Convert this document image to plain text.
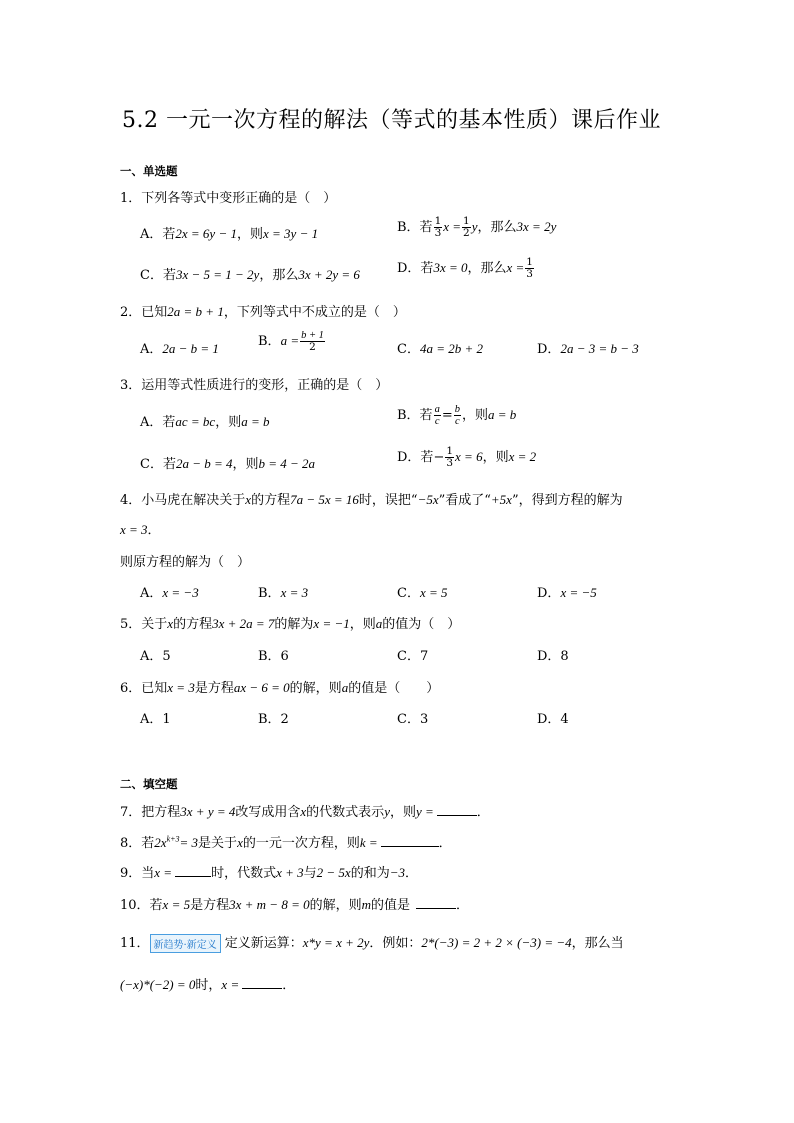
5.2 一元一次方程的解法（等式的基本性质）课后作业
一、单选题
1．下列各等式中变形正确的是（　）
A．若2x = 6y − 1，则x = 3y − 1	B．若 $\frac{1}{3}$ $x = \frac{1}{2}$ y，那么3x = 2y
C．若3x − 5 = 1 − 2y，那么3x + 2y = 6	D．若3x = 0，那么$x = \frac{1}{3}$
2．已知2a = b + 1，下列等式中不成立的是（　）
A．2a − b = 1	B．$a = \frac{b + 1}{2}$	C．4a = 2b + 2	D．2a − 3 = b − 3
3．运用等式性质进行的变形，正确的是（　）
A．若ac = bc，则a = b	B．若 $\frac{a}{c} = \frac{b}{c}$ ，则a = b
C．若2a − b = 4，则b = 4 − 2a	D．若− $\frac{1}{3}$ x = 6，则x = 2
4．小马虎在解决关于x的方程7a − 5x = 16时，误把“−5x”看成了“+5x”，得到方程的解为
x = 3．
则原方程的解为（　）
A．x = −3	B．x = 3	C．x = 5	D．x = −5
5．关于x的方程3x + 2a = 7的解为x = −1，则a的值为（　）
A．5	B．6	C．7	D．8
6．已知x = 3是方程ax − 6 = 0的解，则a的值是（　　）
A．1	B．2	C．3	D．4
二、填空题
7．把方程3x + y = 4改写成用含x的代数式表示y，则y =	．
8．若$2x^{k+3}= 3$是关于x的一元一次方程，则k =	．
9．当x =	时，代数式x + 3与2 − 5x的和为−3．
10．若x = 5是方程3x + m − 8 = 0的解，则m的值是	．
11． 新趋势·新定义 定义新运算：x*y = x + 2y．例如：2*(−3) = 2 + 2 × (−3) = −4，那么当
(−x)*(−2) = 0时，x =	．
